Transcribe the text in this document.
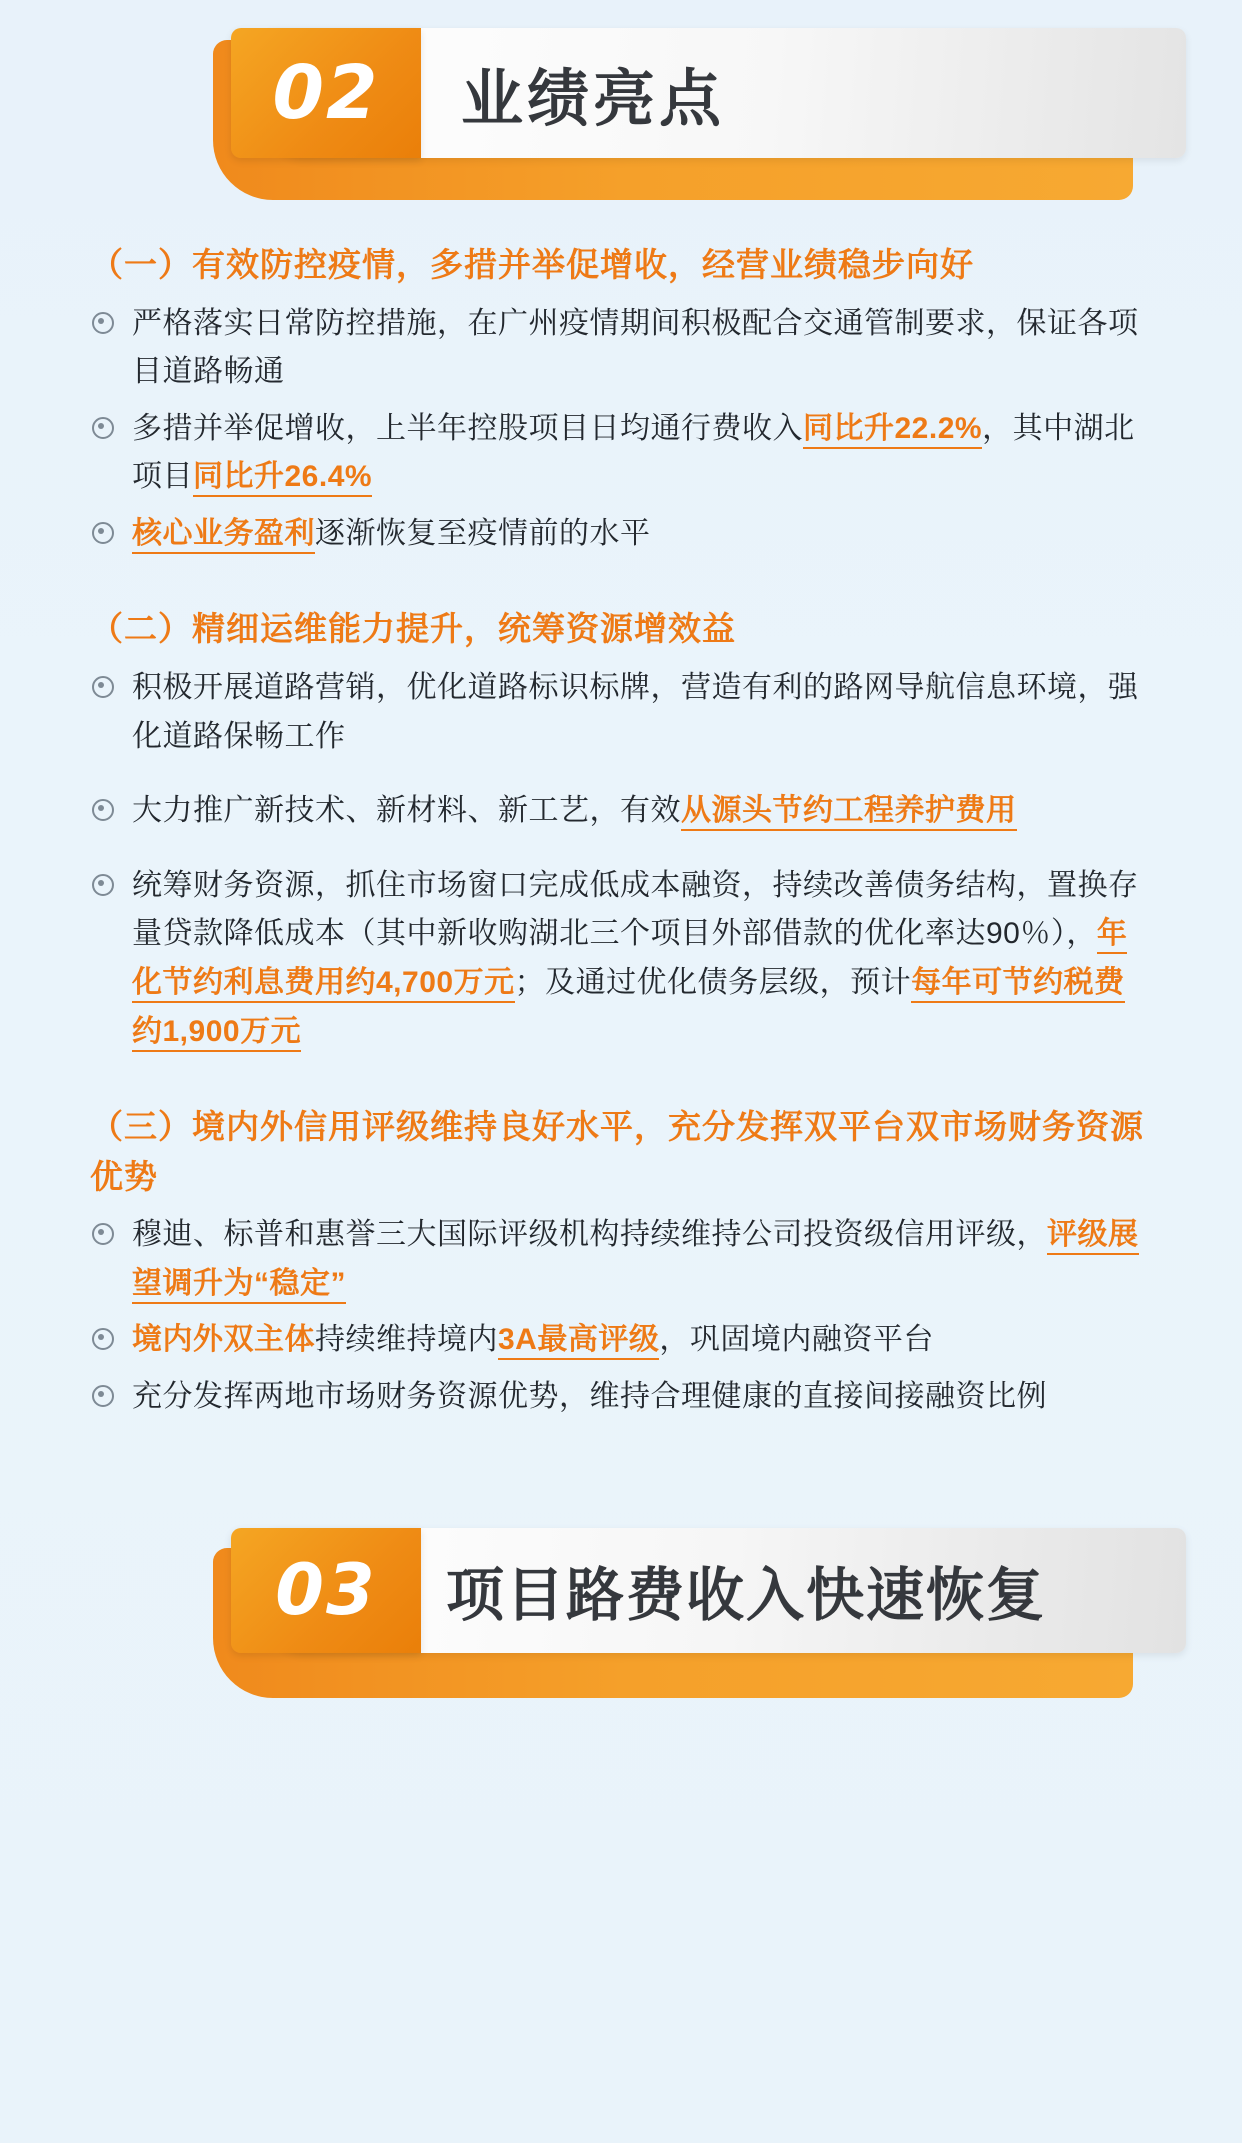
02 业绩亮点
（一）有效防控疫情，多措并举促增收，经营业绩稳步向好
严格落实日常防控措施，在广州疫情期间积极配合交通管制要求，保证各项目道路畅通
多措并举促增收，上半年控股项目日均通行费收入同比升22.2%，其中湖北项目同比升26.4%
核心业务盈利逐渐恢复至疫情前的水平
（二）精细运维能力提升，统筹资源增效益
积极开展道路营销，优化道路标识标牌，营造有利的路网导航信息环境，强化道路保畅工作
大力推广新技术、新材料、新工艺，有效从源头节约工程养护费用
统筹财务资源，抓住市场窗口完成低成本融资，持续改善债务结构，置换存量贷款降低成本（其中新收购湖北三个项目外部借款的优化率达90％），年化节约利息费用约4,700万元；及通过优化债务层级，预计每年可节约税费约1,900万元
（三）境内外信用评级维持良好水平，充分发挥双平台双市场财务资源优势
穆迪、标普和惠誉三大国际评级机构持续维持公司投资级信用评级，评级展望调升为“稳定”
境内外双主体持续维持境内3A最高评级，巩固境内融资平台
充分发挥两地市场财务资源优势，维持合理健康的直接间接融资比例
03 项目路费收入快速恢复
